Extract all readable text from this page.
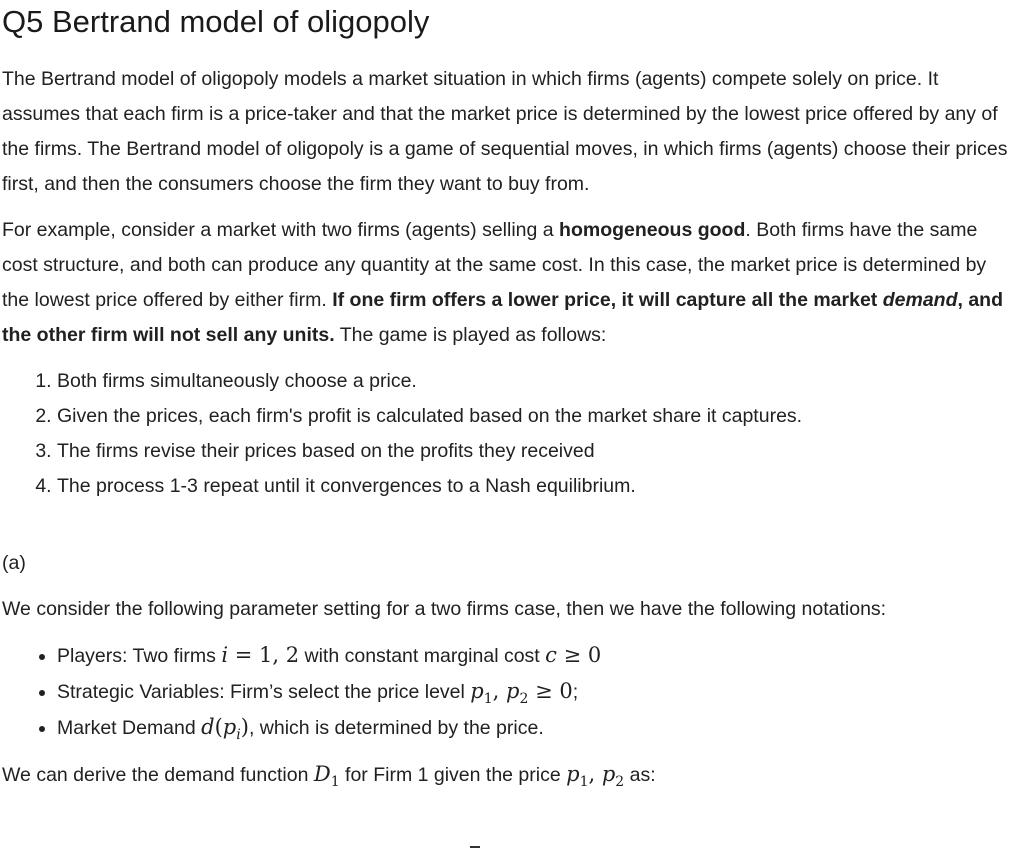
Q5 Bertrand model of oligopoly

The Bertrand model of oligopoly models a market situation in which firms (agents) compete solely on price. It assumes that each firm is a price-taker and that the market price is determined by the lowest price offered by any of the firms. The Bertrand model of oligopoly is a game of sequential moves, in which firms (agents) choose their prices first, and then the consumers choose the firm they want to buy from.

For example, consider a market with two firms (agents) selling a homogeneous good. Both firms have the same cost structure, and both can produce any quantity at the same cost. In this case, the market price is determined by the lowest price offered by either firm. If one firm offers a lower price, it will capture all the market demand, and the other firm will not sell any units. The game is played as follows:

1. Both firms simultaneously choose a price.
2. Given the prices, each firm's profit is calculated based on the market share it captures.
3. The firms revise their prices based on the profits they received
4. The process 1-3 repeat until it convergences to a Nash equilibrium.

(a)

We consider the following parameter setting for a two firms case, then we have the following notations:

• Players: Two firms i = 1, 2 with constant marginal cost c ≥ 0
• Strategic Variables: Firm’s select the price level $p_1$, $p_2 \ge 0$;
• Market Demand $d(p_i)$, which is determined by the price.

We can derive the demand function $D_1$ for Firm 1 given the price $p_1$, $p_2$ as:
